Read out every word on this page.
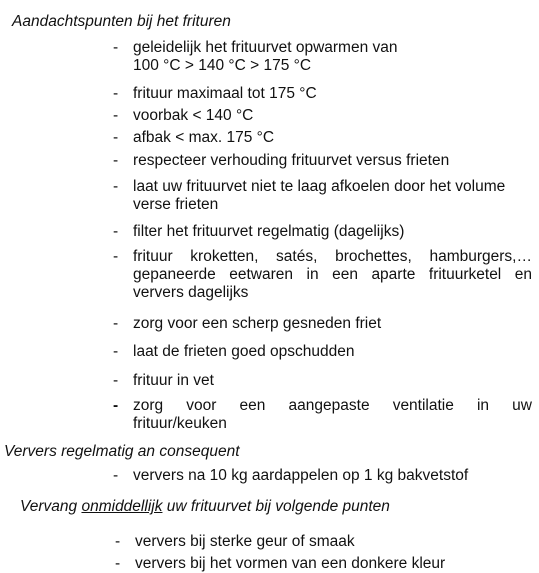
Aandachtspunten bij het frituren
- geleidelijk het frituurvet opwarmen van
100 °C > 140 °C > 175 °C
- frituur maximaal tot 175 °C
- voorbak < 140 °C
- afbak < max. 175 °C
- respecteer verhouding frituurvet versus frieten
- laat uw frituurvet niet te laag afkoelen door het volume
verse frieten
- filter het frituurvet regelmatig (dagelijks)
- frituur kroketten, satés, brochettes, hamburgers,…
gepaneerde eetwaren in een aparte frituurketel en
ververs dagelijks
- zorg voor een scherp gesneden friet
- laat de frieten goed opschudden
- frituur in vet
- zorg voor een aangepaste ventilatie in uw
frituur/keuken
Ververs regelmatig an consequent
- ververs na 10 kg aardappelen op 1 kg bakvetstof
Vervang onmiddellijk uw frituurvet bij volgende punten
- ververs bij sterke geur of smaak
- ververs bij het vormen van een donkere kleur
